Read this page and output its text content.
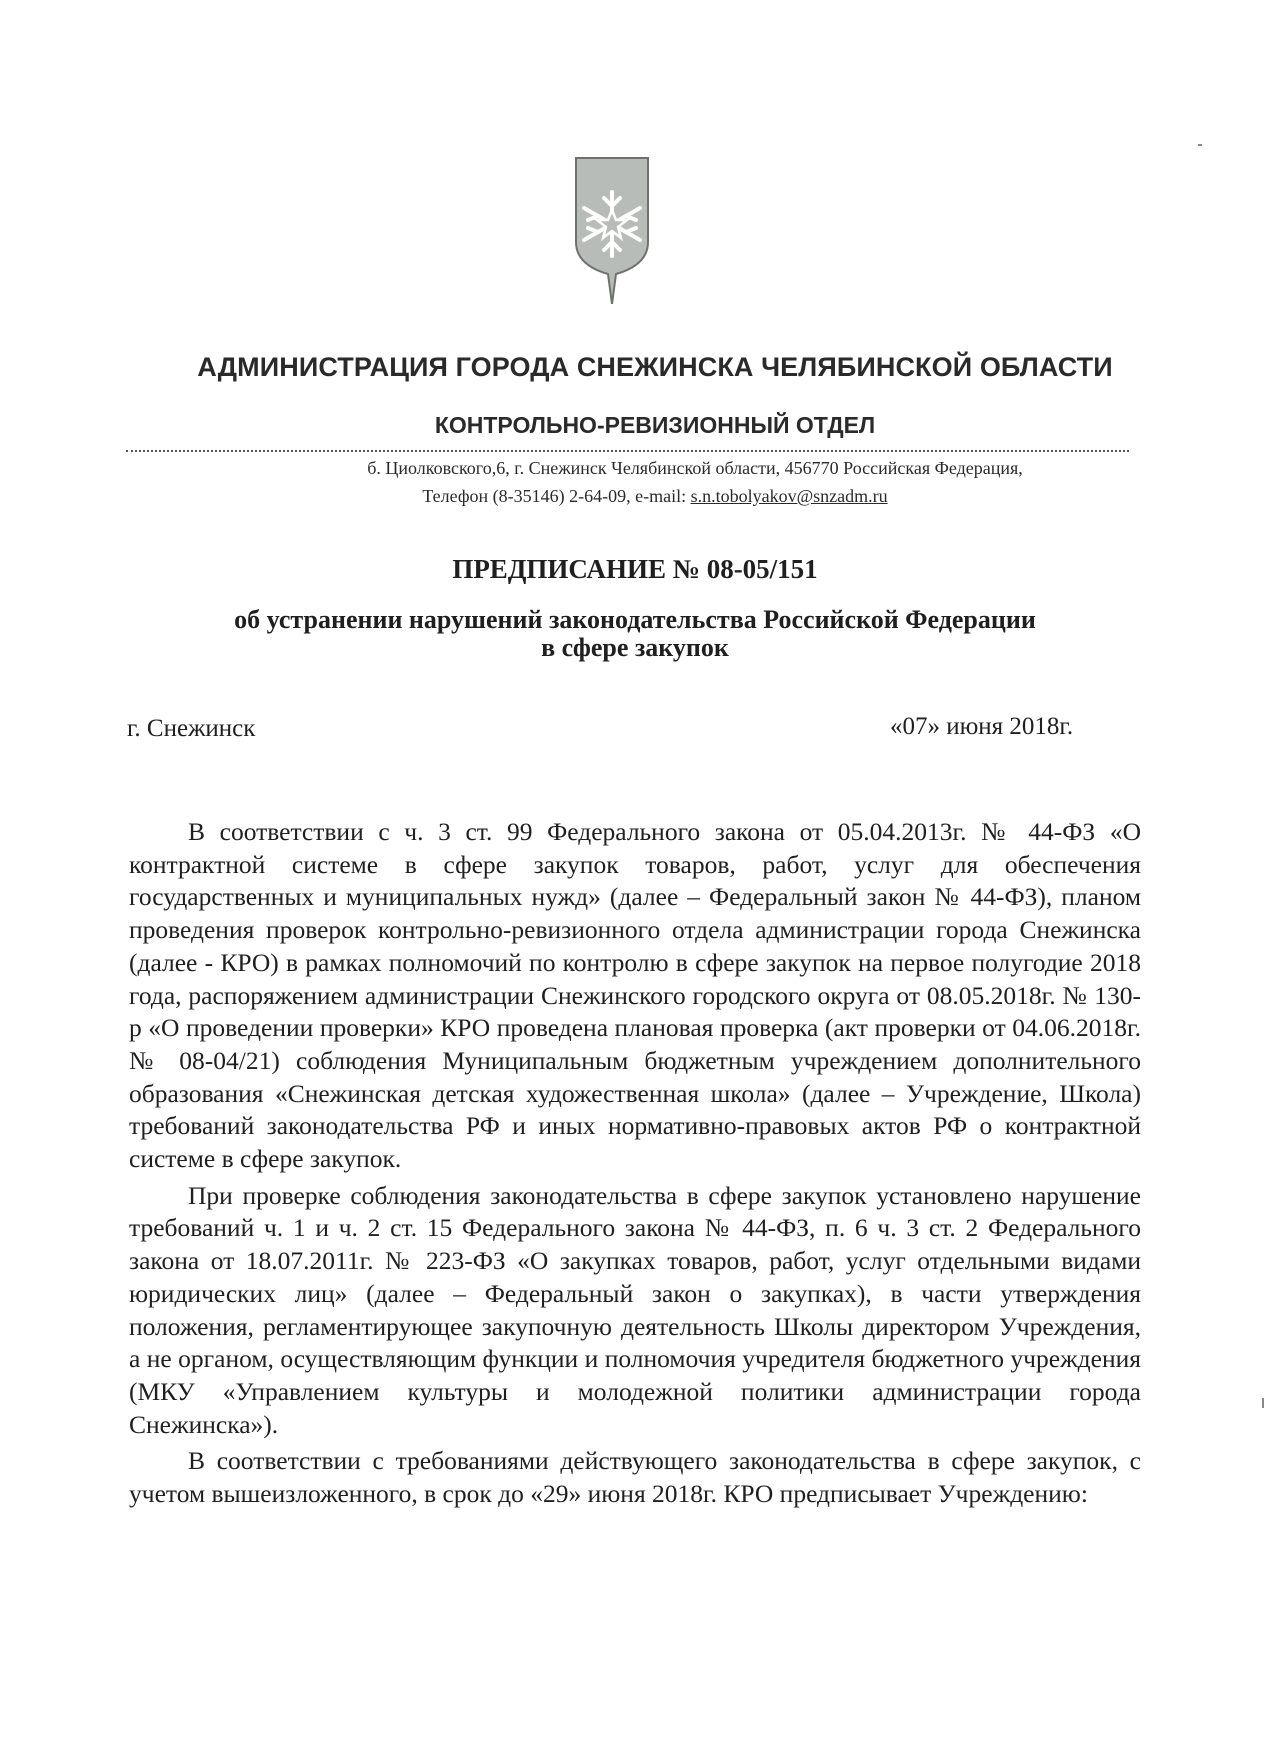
АДМИНИСТРАЦИЯ ГОРОДА СНЕЖИНСКА ЧЕЛЯБИНСКОЙ ОБЛАСТИ
КОНТРОЛЬНО-РЕВИЗИОННЫЙ ОТДЕЛ
б. Циолковского,6, г. Снежинск Челябинской области, 456770 Российская Федерация,
Телефон (8-35146) 2-64-09, e-mail: s.n.tobolyakov@snzadm.ru
ПРЕДПИСАНИЕ № 08-05/151
об устранении нарушений законодательства Российской Федерации
в сфере закупок
г. Снежинск	«07» июня 2018г.

В соответствии с ч. 3 ст. 99 Федерального закона от 05.04.2013г. № 44-ФЗ «О контрактной системе в сфере закупок товаров, работ, услуг для обеспечения государственных и муниципальных нужд» (далее – Федеральный закон № 44-ФЗ), планом проведения проверок контрольно-ревизионного отдела администрации города Снежинска (далее - КРО) в рамках полномочий по контролю в сфере закупок на первое полугодие 2018 года, распоряжением администрации Снежинского городского округа от 08.05.2018г. № 130-р «О проведении проверки» КРО проведена плановая проверка (акт проверки от 04.06.2018г. № 08-04/21) соблюдения Муниципальным бюджетным учреждением дополнительного образования «Снежинская детская художественная школа» (далее – Учреждение, Школа) требований законодательства РФ и иных нормативно-правовых актов РФ о контрактной системе в сфере закупок.

При проверке соблюдения законодательства в сфере закупок установлено нарушение требований ч. 1 и ч. 2 ст. 15 Федерального закона № 44-ФЗ, п. 6 ч. 3 ст. 2 Федерального закона от 18.07.2011г. № 223-ФЗ «О закупках товаров, работ, услуг отдельными видами юридических лиц» (далее – Федеральный закон о закупках), в части утверждения положения, регламентирующее закупочную деятельность Школы директором Учреждения, а не органом, осуществляющим функции и полномочия учредителя бюджетного учреждения (МКУ «Управлением культуры и молодежной политики администрации города Снежинска»).

В соответствии с требованиями действующего законодательства в сфере закупок, с учетом вышеизложенного, в срок до «29» июня 2018г. КРО предписывает Учреждению:
